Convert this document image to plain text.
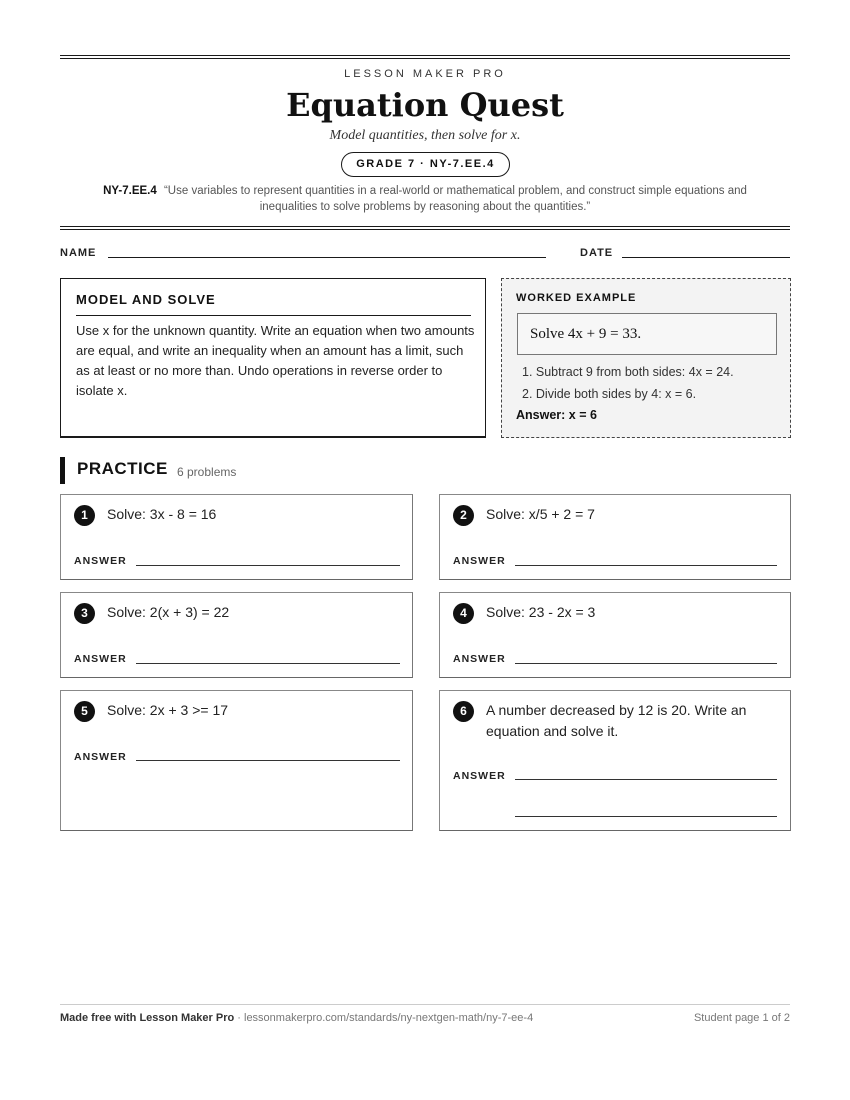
LESSON MAKER PRO
Equation Quest
Model quantities, then solve for x.
GRADE 7 · NY-7.EE.4
NY-7.EE.4 “Use variables to represent quantities in a real-world or mathematical problem, and construct simple equations and inequalities to solve problems by reasoning about the quantities.”
NAME	DATE
MODEL AND SOLVE

Use x for the unknown quantity. Write an equation when two amounts are equal, and write an inequality when an amount has a limit, such as at least or no more than. Undo operations in reverse order to isolate x.

WORKED EXAMPLE
Solve 4x + 9 = 33.
1. Subtract 9 from both sides: 4x = 24.
2. Divide both sides by 4: x = 6.
Answer: x = 6
PRACTICE 6 problems
1	Solve: 3x - 8 = 16
ANSWER
2	Solve: x/5 + 2 = 7
ANSWER
3	Solve: 2(x + 3) = 22
ANSWER
4	Solve: 23 - 2x = 3
ANSWER
5	Solve: 2x + 3 >= 17
ANSWER
6	A number decreased by 12 is 20. Write an equation and solve it.
ANSWER
Made free with Lesson Maker Pro · lessonmakerpro.com/standards/ny-nextgen-math/ny-7-ee-4	Student page 1 of 2
